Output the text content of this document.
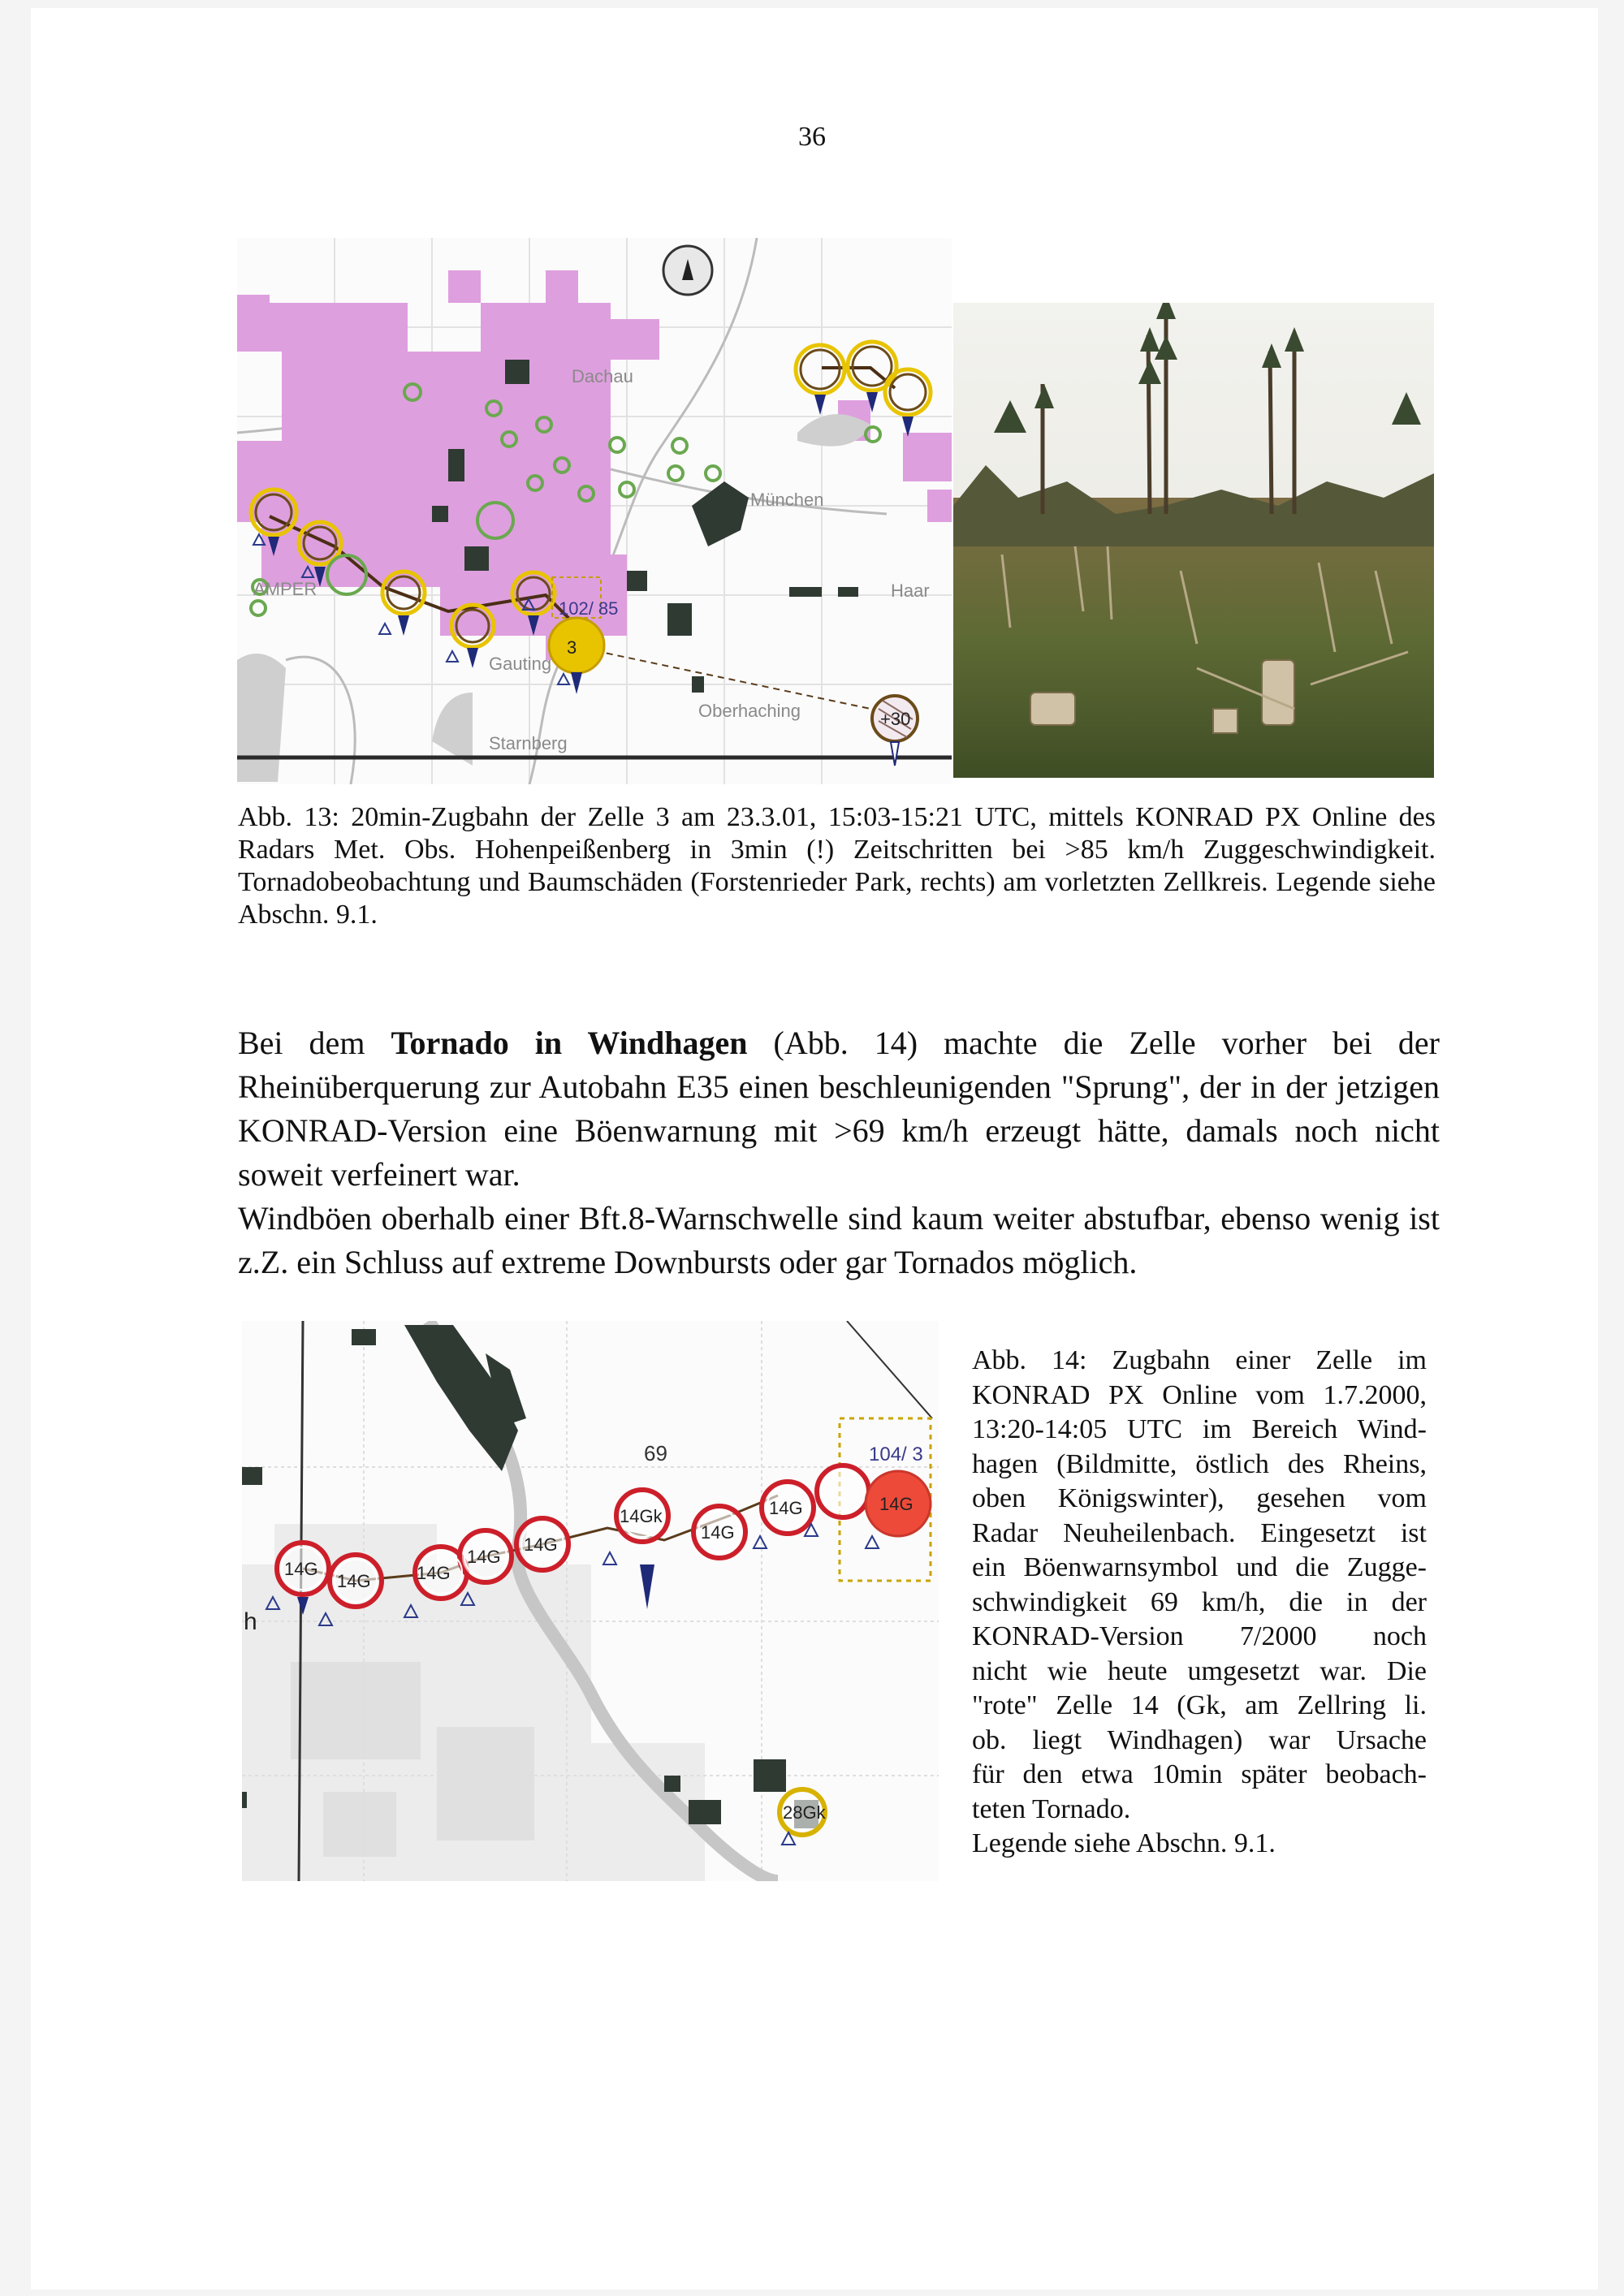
36
Dachau
München
Haar
Gauting
Oberhaching
Starnberg
AMPER
102/ 85
3
+30
Abb. 13: 20min-Zugbahn der Zelle 3 am 23.3.01, 15:03-15:21 UTC, mittels KONRAD PX Online des Radars Met. Obs. Hohenpeißenberg in 3min (!) Zeitschritten bei >85 km/h Zuggeschwindigkeit. Tornadobeobachtung und Baumschäden (Forstenrieder Park, rechts) am vorletzten Zellkreis. Legende siehe Abschn. 9.1.

Bei dem Tornado in Windhagen (Abb. 14) machte die Zelle vorher bei der Rheinüberquerung zur Autobahn E35 einen beschleunigenden "Sprung", der in der jetzigen KONRAD-Version eine Böenwarnung mit >69 km/h erzeugt hätte, damals noch nicht soweit verfeinert war.

Windböen oberhalb einer Bft.8-Warnschwelle sind kaum weiter abstufbar, ebenso wenig ist z.Z. ein Schluss auf extreme Downbursts oder gar Tornados möglich.

69	104/ 3
14G
14G	14G
14G
14G
14Gk
14G
14G	14G
28Gk
h
Abb. 14: Zugbahn einer Zelle im
KONRAD PX Online vom 1.7.2000,
13:20-14:05 UTC im Bereich Wind-
hagen (Bildmitte, östlich des Rheins,
oben Königswinter), gesehen vom
Radar Neuheilenbach. Eingesetzt ist
ein Böenwarnsymbol und die Zugge-
schwindigkeit 69 km/h, die in der
KONRAD-Version 7/2000 noch
nicht wie heute umgesetzt war. Die
"rote" Zelle 14 (Gk, am Zellring li.
ob. liegt Windhagen) war Ursache
für den etwa 10min später beobach-
teten Tornado.
Legende siehe Abschn. 9.1.
